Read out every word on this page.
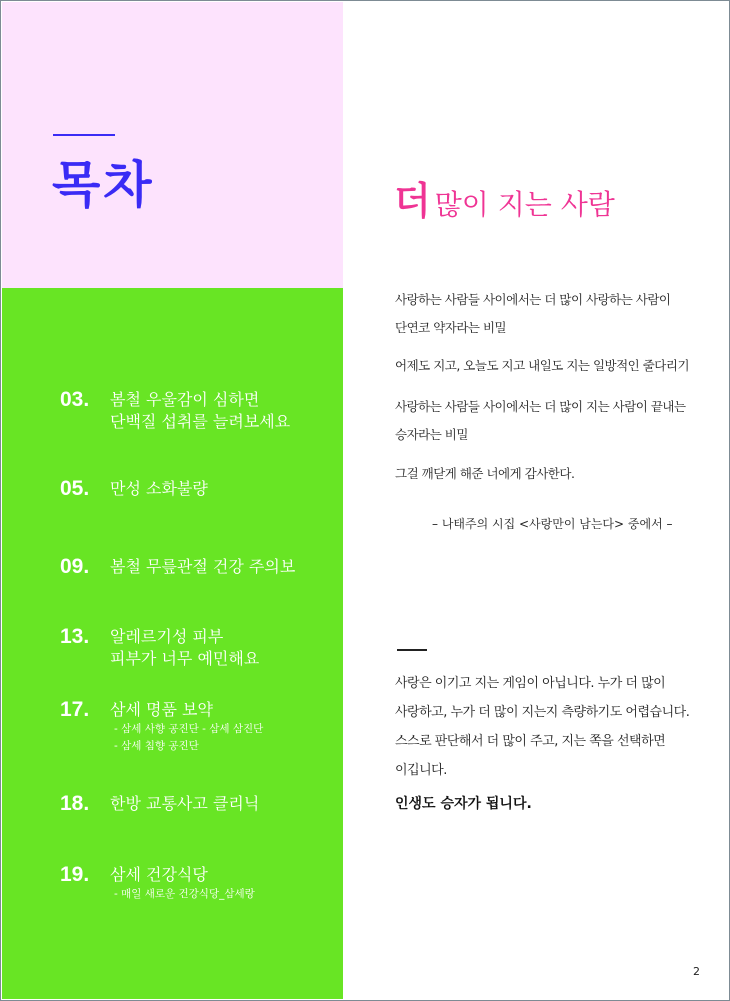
목차
03. 봄철 우울감이 심하면
단백질 섭취를 늘려보세요
05. 만성 소화불량
09. 봄철 무릎관절 건강 주의보
13. 알레르기성 피부
피부가 너무 예민해요
17. 삼세 명품 보약
- 삼세 사향 공진단 - 삼세 삼진단
- 삼세 침향 공진단
18. 한방 교통사고 클리닉
19. 삼세 건강식당
- 매일 새로운 건강식당_삼세랑
더 많이 지는 사람
사랑하는 사람들 사이에서는 더 많이 사랑하는 사람이
단연코 약자라는 비밀
어제도 지고, 오늘도 지고 내일도 지는 일방적인 줄다리기
사랑하는 사람들 사이에서는 더 많이 지는 사람이 끝내는
승자라는 비밀
그걸 깨닫게 해준 너에게 감사한다.
– 나태주의 시집 <사랑만이 남는다> 중에서 –
사랑은 이기고 지는 게임이 아닙니다. 누가 더 많이
사랑하고, 누가 더 많이 지는지 측량하기도 어렵습니다.
스스로 판단해서 더 많이 주고, 지는 쪽을 선택하면
이깁니다.
인생도 승자가 됩니다.
2
